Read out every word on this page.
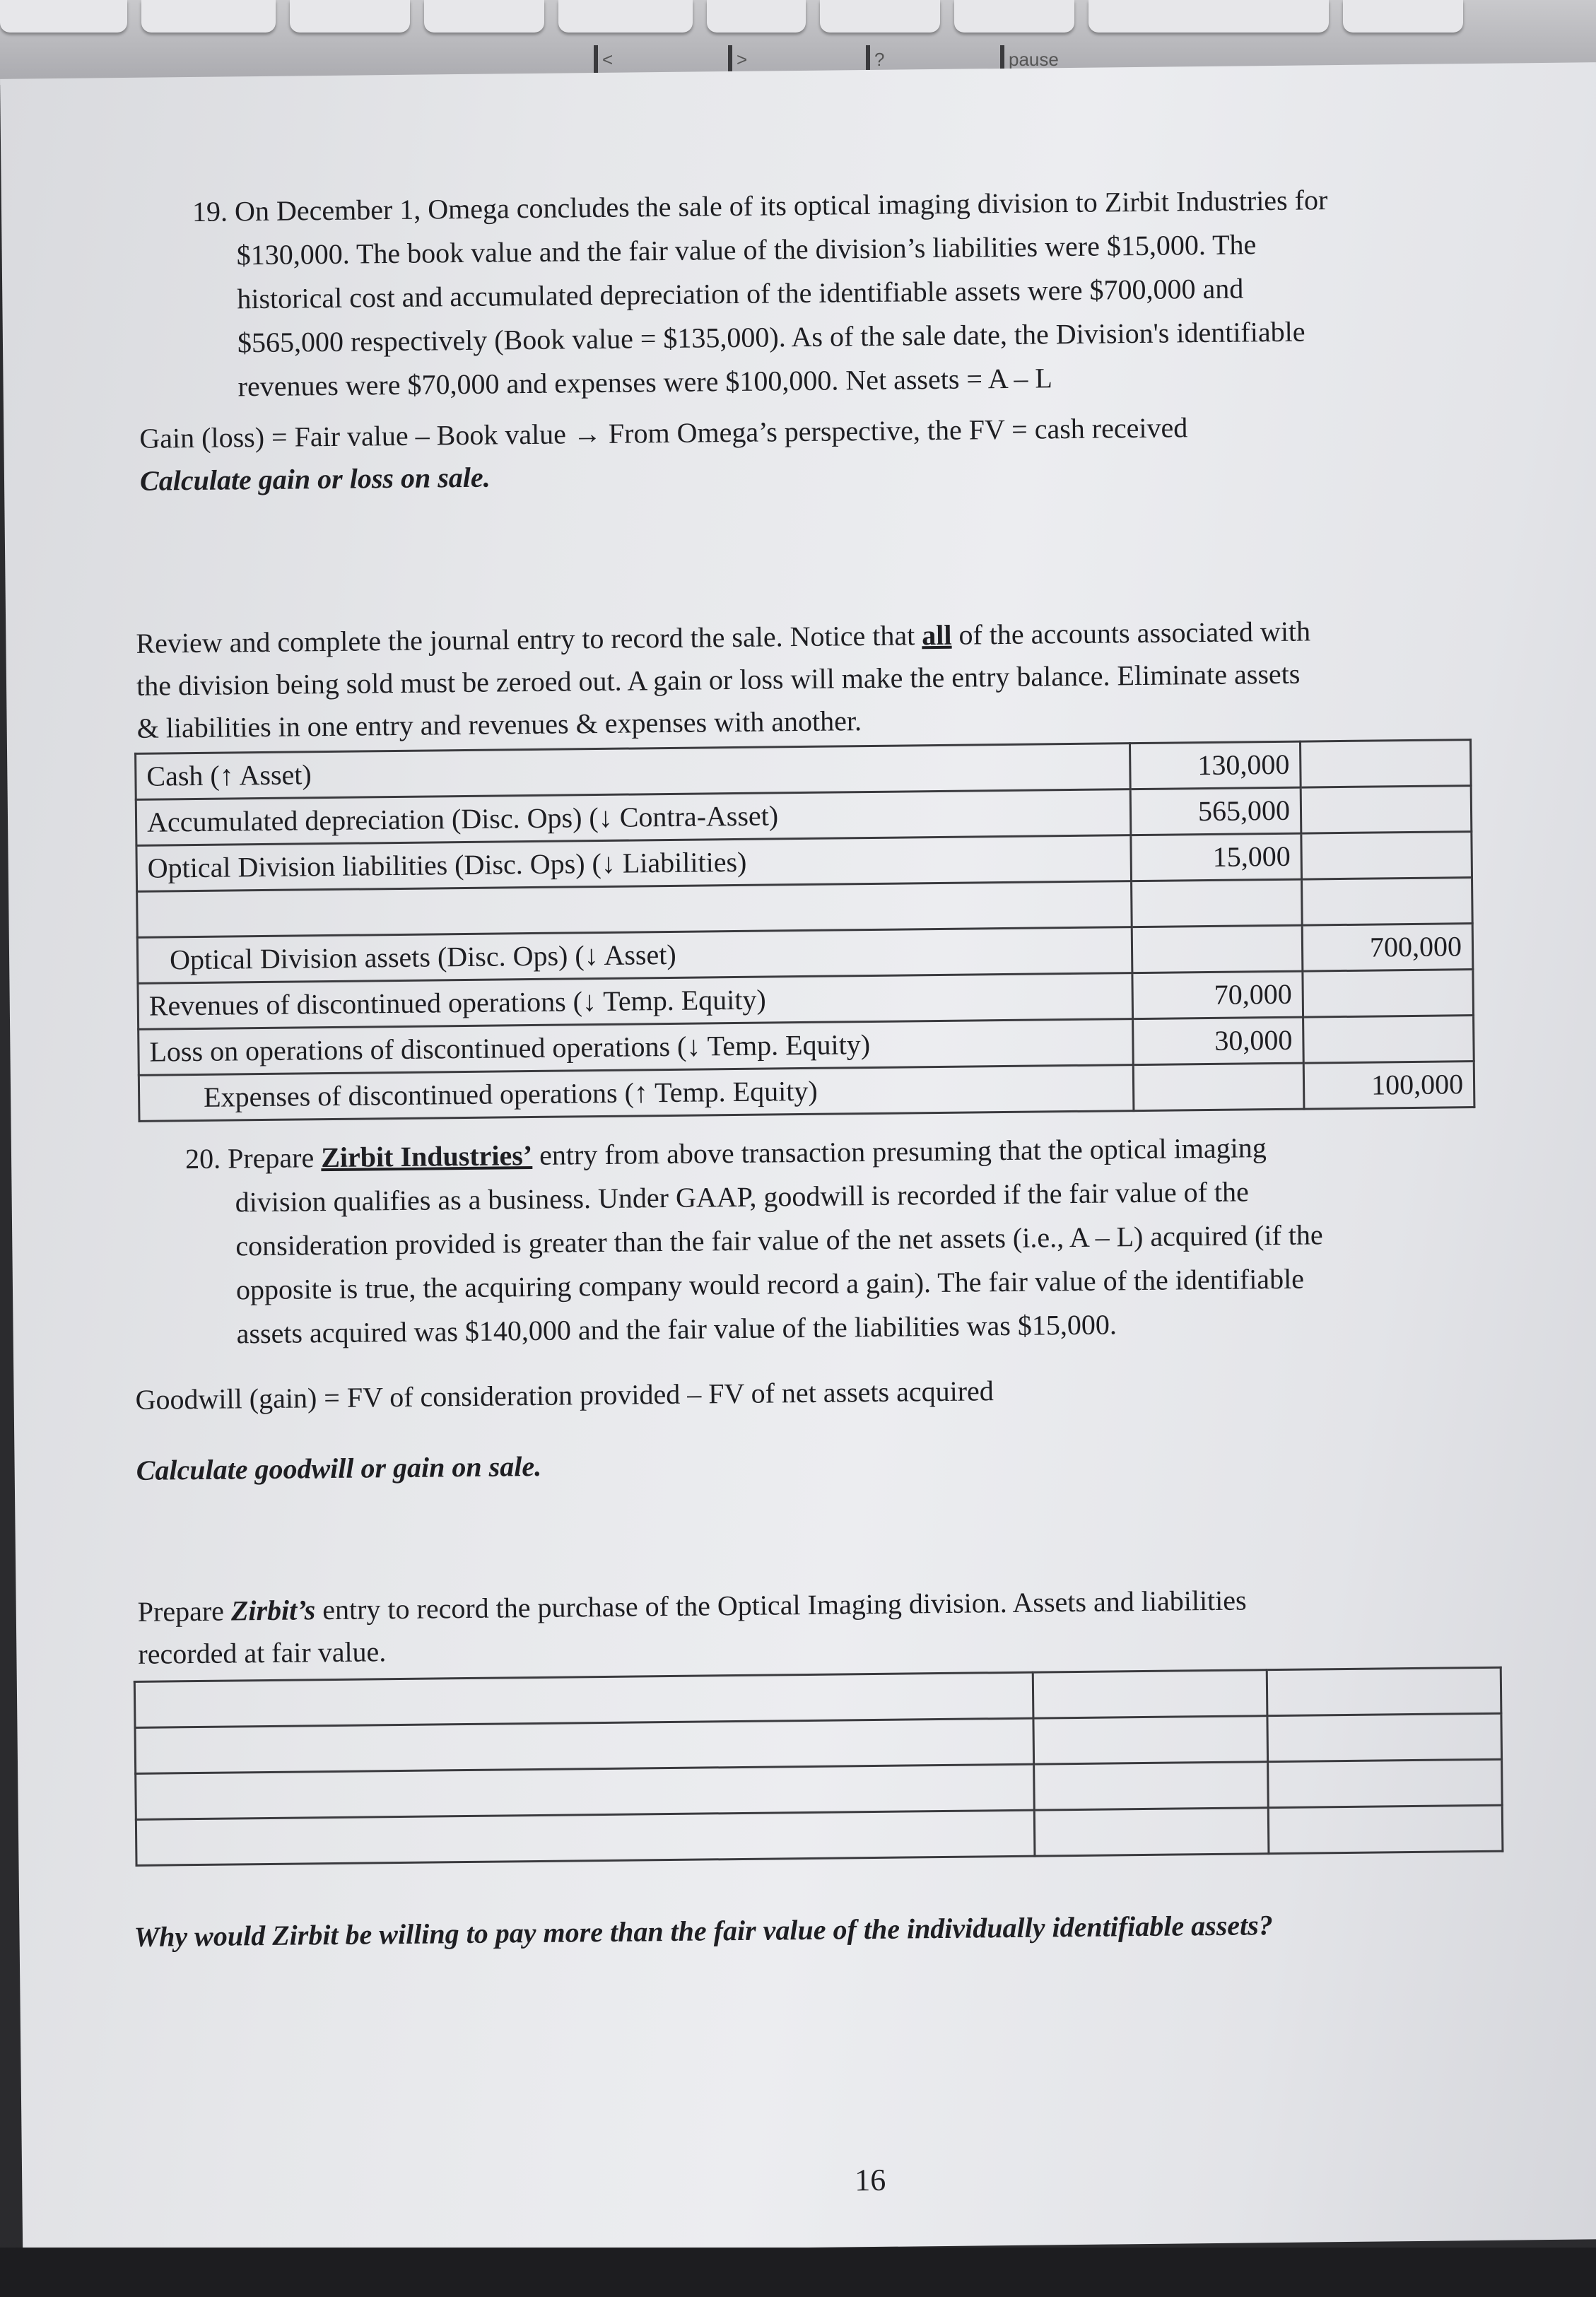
<	>	?	pause

19. On December 1, Omega concludes the sale of its optical imaging division to Zirbit Industries for

$130,000. The book value and the fair value of the division’s liabilities were $15,000. The

historical cost and accumulated depreciation of the identifiable assets were $700,000 and

$565,000 respectively (Book value = $135,000). As of the sale date, the Division's identifiable

revenues were $70,000 and expenses were $100,000. Net assets = A – L

Gain (loss) = Fair value – Book value → From Omega’s perspective, the FV = cash received

Calculate gain or loss on sale.

Review and complete the journal entry to record the sale. Notice that all of the accounts associated with

the division being sold must be zeroed out. A gain or loss will make the entry balance. Eliminate assets

& liabilities in one entry and revenues & expenses with another.

Cash (↑ Asset)	130,000	
Accumulated depreciation (Disc. Ops) (↓ Contra-Asset)	565,000	
Optical Division liabilities (Disc. Ops) (↓ Liabilities)	15,000	

Optical Division assets (Disc. Ops) (↓ Asset)		700,000
Revenues of discontinued operations (↓ Temp. Equity)	70,000	
Loss on operations of discontinued operations (↓ Temp. Equity)	30,000	
Expenses of discontinued operations (↑ Temp. Equity)		100,000

20. Prepare Zirbit Industries’ entry from above transaction presuming that the optical imaging

division qualifies as a business. Under GAAP, goodwill is recorded if the fair value of the

consideration provided is greater than the fair value of the net assets (i.e., A – L) acquired (if the

opposite is true, the acquiring company would record a gain). The fair value of the identifiable

assets acquired was $140,000 and the fair value of the liabilities was $15,000.

Goodwill (gain) = FV of consideration provided – FV of net assets acquired

Calculate goodwill or gain on sale.

Prepare Zirbit’s entry to record the purchase of the Optical Imaging division. Assets and liabilities

recorded at fair value.

Why would Zirbit be willing to pay more than the fair value of the individually identifiable assets?

16
